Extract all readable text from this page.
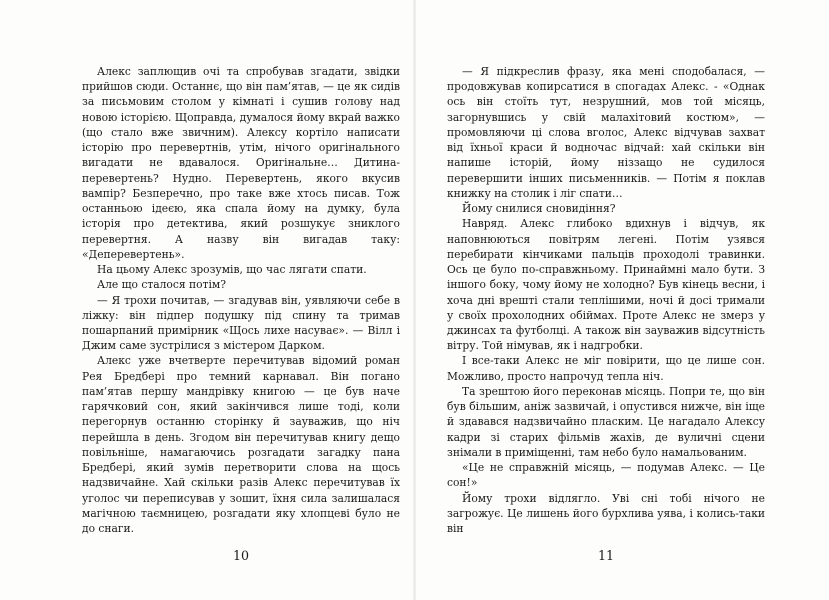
Алекс заплющив очі та спробував згадати, звідки прийшов сюди. Останнє, що він пам’ятав, — це як сидів за письмовим столом у кімнаті і сушив голову над новою історією. Щоправда, думалося йому вкрай важко (що стало вже звичним). Алексу кортіло написати історію про перевертнів, утім, нічого оригінального вигадати не вдавалося. Оригінальне… Дитина-перевертень? Нудно. Перевертень, якого вкусив вампір? Безперечно, про таке вже хтось писав. Тож останньою ідеєю, яка спала йому на думку, була історія про детектива, який розшукує зниклого перевертня. А назву він вигадав таку: «Деперевертень».

На цьому Алекс зрозумів, що час лягати спати.

Але що сталося потім?

— Я трохи почитав, — згадував він, уявляючи себе в ліжку: він підпер подушку під спину та тримав пошарпаний примірник «Щось лихе насуває». — Вілл і Джим саме зустрілися з містером Дарком.

Алекс уже вчетверте перечитував відомий роман Рея Бредбері про темний карнавал. Він погано пам’ятав першу мандрівку книгою — це був наче гарячковий сон, який закінчився лише тоді, коли перегорнув останню сторінку й зауважив, що ніч перейшла в день. Згодом він перечитував книгу дещо повільніше, намагаючись розгадати загадку пана Бредбері, який зумів перетворити слова на щось надзвичайне. Хай скільки разів Алекс перечитував їх уголос чи переписував у зошит, їхня сила залишалася магічною таємницею, розгадати яку хлопцеві було не до снаги.

10

— Я підкреслив фразу, яка мені сподобалася, — продовжував копирсатися в спогадах Алекс. - «Однак ось він стоїть тут, незрушний, мов той місяць, загорнувшись у свій малахітовий костюм», — промовляючи ці слова вголос, Алекс відчував захват від їхньої краси й водночас відчай: хай скільки він напише історій, йому ніззащо не судилося перевершити інших письменників. — Потім я поклав книжку на столик і ліг спати…

Йому снилися сновидіння?

Навряд. Алекс глибоко вдихнув і відчув, як наповнюються повітрям легені. Потім узявся перебирати кінчиками пальців проходолі травинки. Ось це було по-справжньому. Принаймні мало бути. З іншого боку, чому йому не холодно? Був кінець весни, і хоча дні врешті стали теплішими, ночі й досі тримали у своїх прохолодних обіймах. Проте Алекс не змерз у джинсах та футболці. А також він зауважив відсутність вітру. Той німував, як і надгробки.

І все-таки Алекс не міг повірити, що це лише сон. Можливо, просто напрочуд тепла ніч.

Та зрештою його переконав місяць. Попри те, що він був більшим, аніж зазвичай, і опустився нижче, він іще й здавався надзвичайно пласким. Це нагадало Алексу кадри зі старих фільмів жахів, де вуличні сцени знімали в приміщенні, там небо було намальованим.

«Це не справжній місяць, — подумав Алекс. — Це сон!»

Йому трохи відлягло. Уві сні тобі нічого не загрожує. Це лишень його бурхлива уява, і колись-таки він

11
